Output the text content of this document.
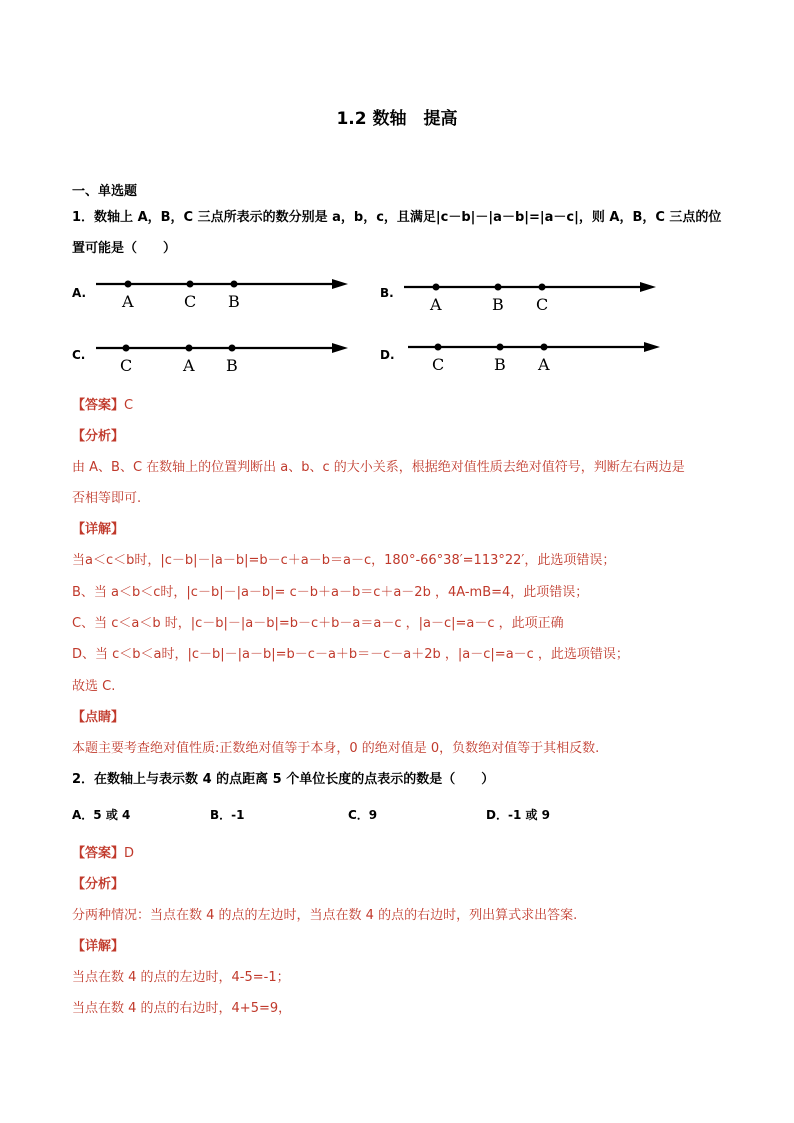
1.2 数轴　提高
一、单选题
1．数轴上 A，B，C 三点所表示的数分别是 a，b，c，且满足|c－b|－|a－b|=|a－c|，则 A，B，C 三点的位
置可能是（　　）
A. A	C B	B.
A	B C
C.
C	A B
D. C	B A
【答案】C
【分析】
由 A、B、C 在数轴上的位置判断出 a、b、c 的大小关系，根据绝对值性质去绝对值符号，判断左右两边是
否相等即可.
【详解】
当a＜c＜b时，|c－b|－|a－b|=b－c＋a－b＝a－c，180°-66°38′=113°22′，此选项错误；
B、当 a＜b＜c时，|c－b|－|a－b|= c－b＋a－b＝c＋a－2b ，4A-mB=4，此项错误；
C、当 c＜a＜b 时，|c－b|－|a－b|=b－c＋b－a＝a－c ，|a－c|=a－c ，此项正确
D、当 c＜b＜a时，|c－b|－|a－b|=b－c－a＋b＝－c－a＋2b ，|a－c|=a－c ，此选项错误；
故选 C.
【点睛】
本题主要考查绝对值性质:正数绝对值等于本身，0 的绝对值是 0，负数绝对值等于其相反数.
2．在数轴上与表示数 4 的点距离 5 个单位长度的点表示的数是（　　）
A．5 或 4	B．-1	C．9	D．-1 或 9
【答案】D
【分析】
分两种情况：当点在数 4 的点的左边时，当点在数 4 的点的右边时，列出算式求出答案.
【详解】
当点在数 4 的点的左边时，4-5=-1；
当点在数 4 的点的右边时，4+5=9，
